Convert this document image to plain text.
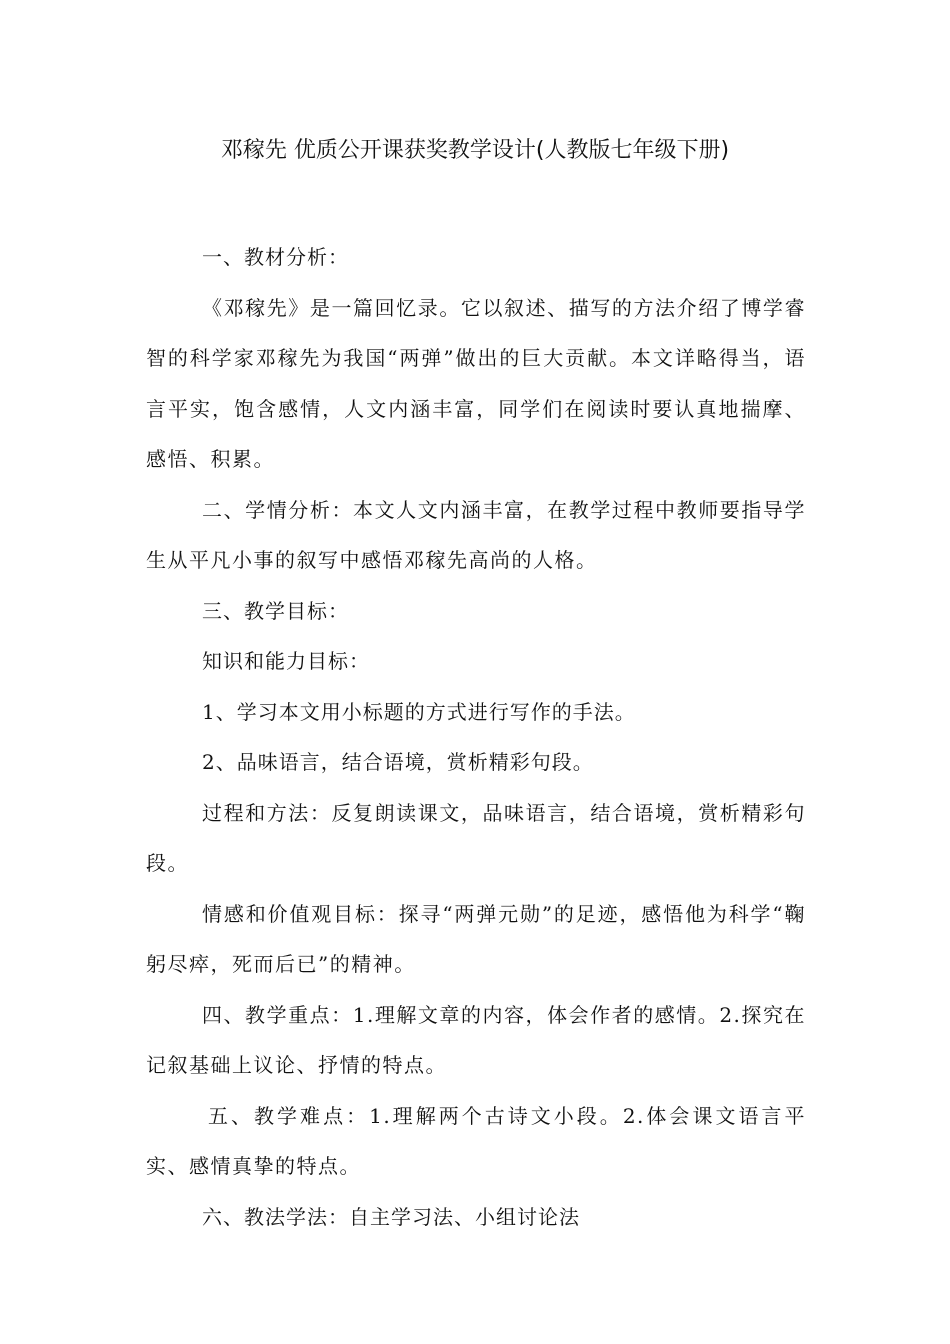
邓稼先 优质公开课获奖教学设计(人教版七年级下册)

一、教材分析：

《邓稼先》是一篇回忆录。它以叙述、描写的方法介绍了博学睿智的科学家邓稼先为我国“两弹”做出的巨大贡献。本文详略得当，语言平实，饱含感情，人文内涵丰富，同学们在阅读时要认真地揣摩、感悟、积累。

二、学情分析：本文人文内涵丰富，在教学过程中教师要指导学生从平凡小事的叙写中感悟邓稼先高尚的人格。

三、教学目标：

知识和能力目标：

1、学习本文用小标题的方式进行写作的手法。

2、品味语言，结合语境，赏析精彩句段。

过程和方法：反复朗读课文，品味语言，结合语境，赏析精彩句段。

情感和价值观目标：探寻“两弹元勋”的足迹，感悟他为科学“鞠躬尽瘁，死而后已”的精神。

四、教学重点：1.理解文章的内容，体会作者的感情。2.探究在记叙基础上议论、抒情的特点。

五、教学难点：1.理解两个古诗文小段。2.体会课文语言平实、感情真挚的特点。

六、教法学法：自主学习法、小组讨论法
